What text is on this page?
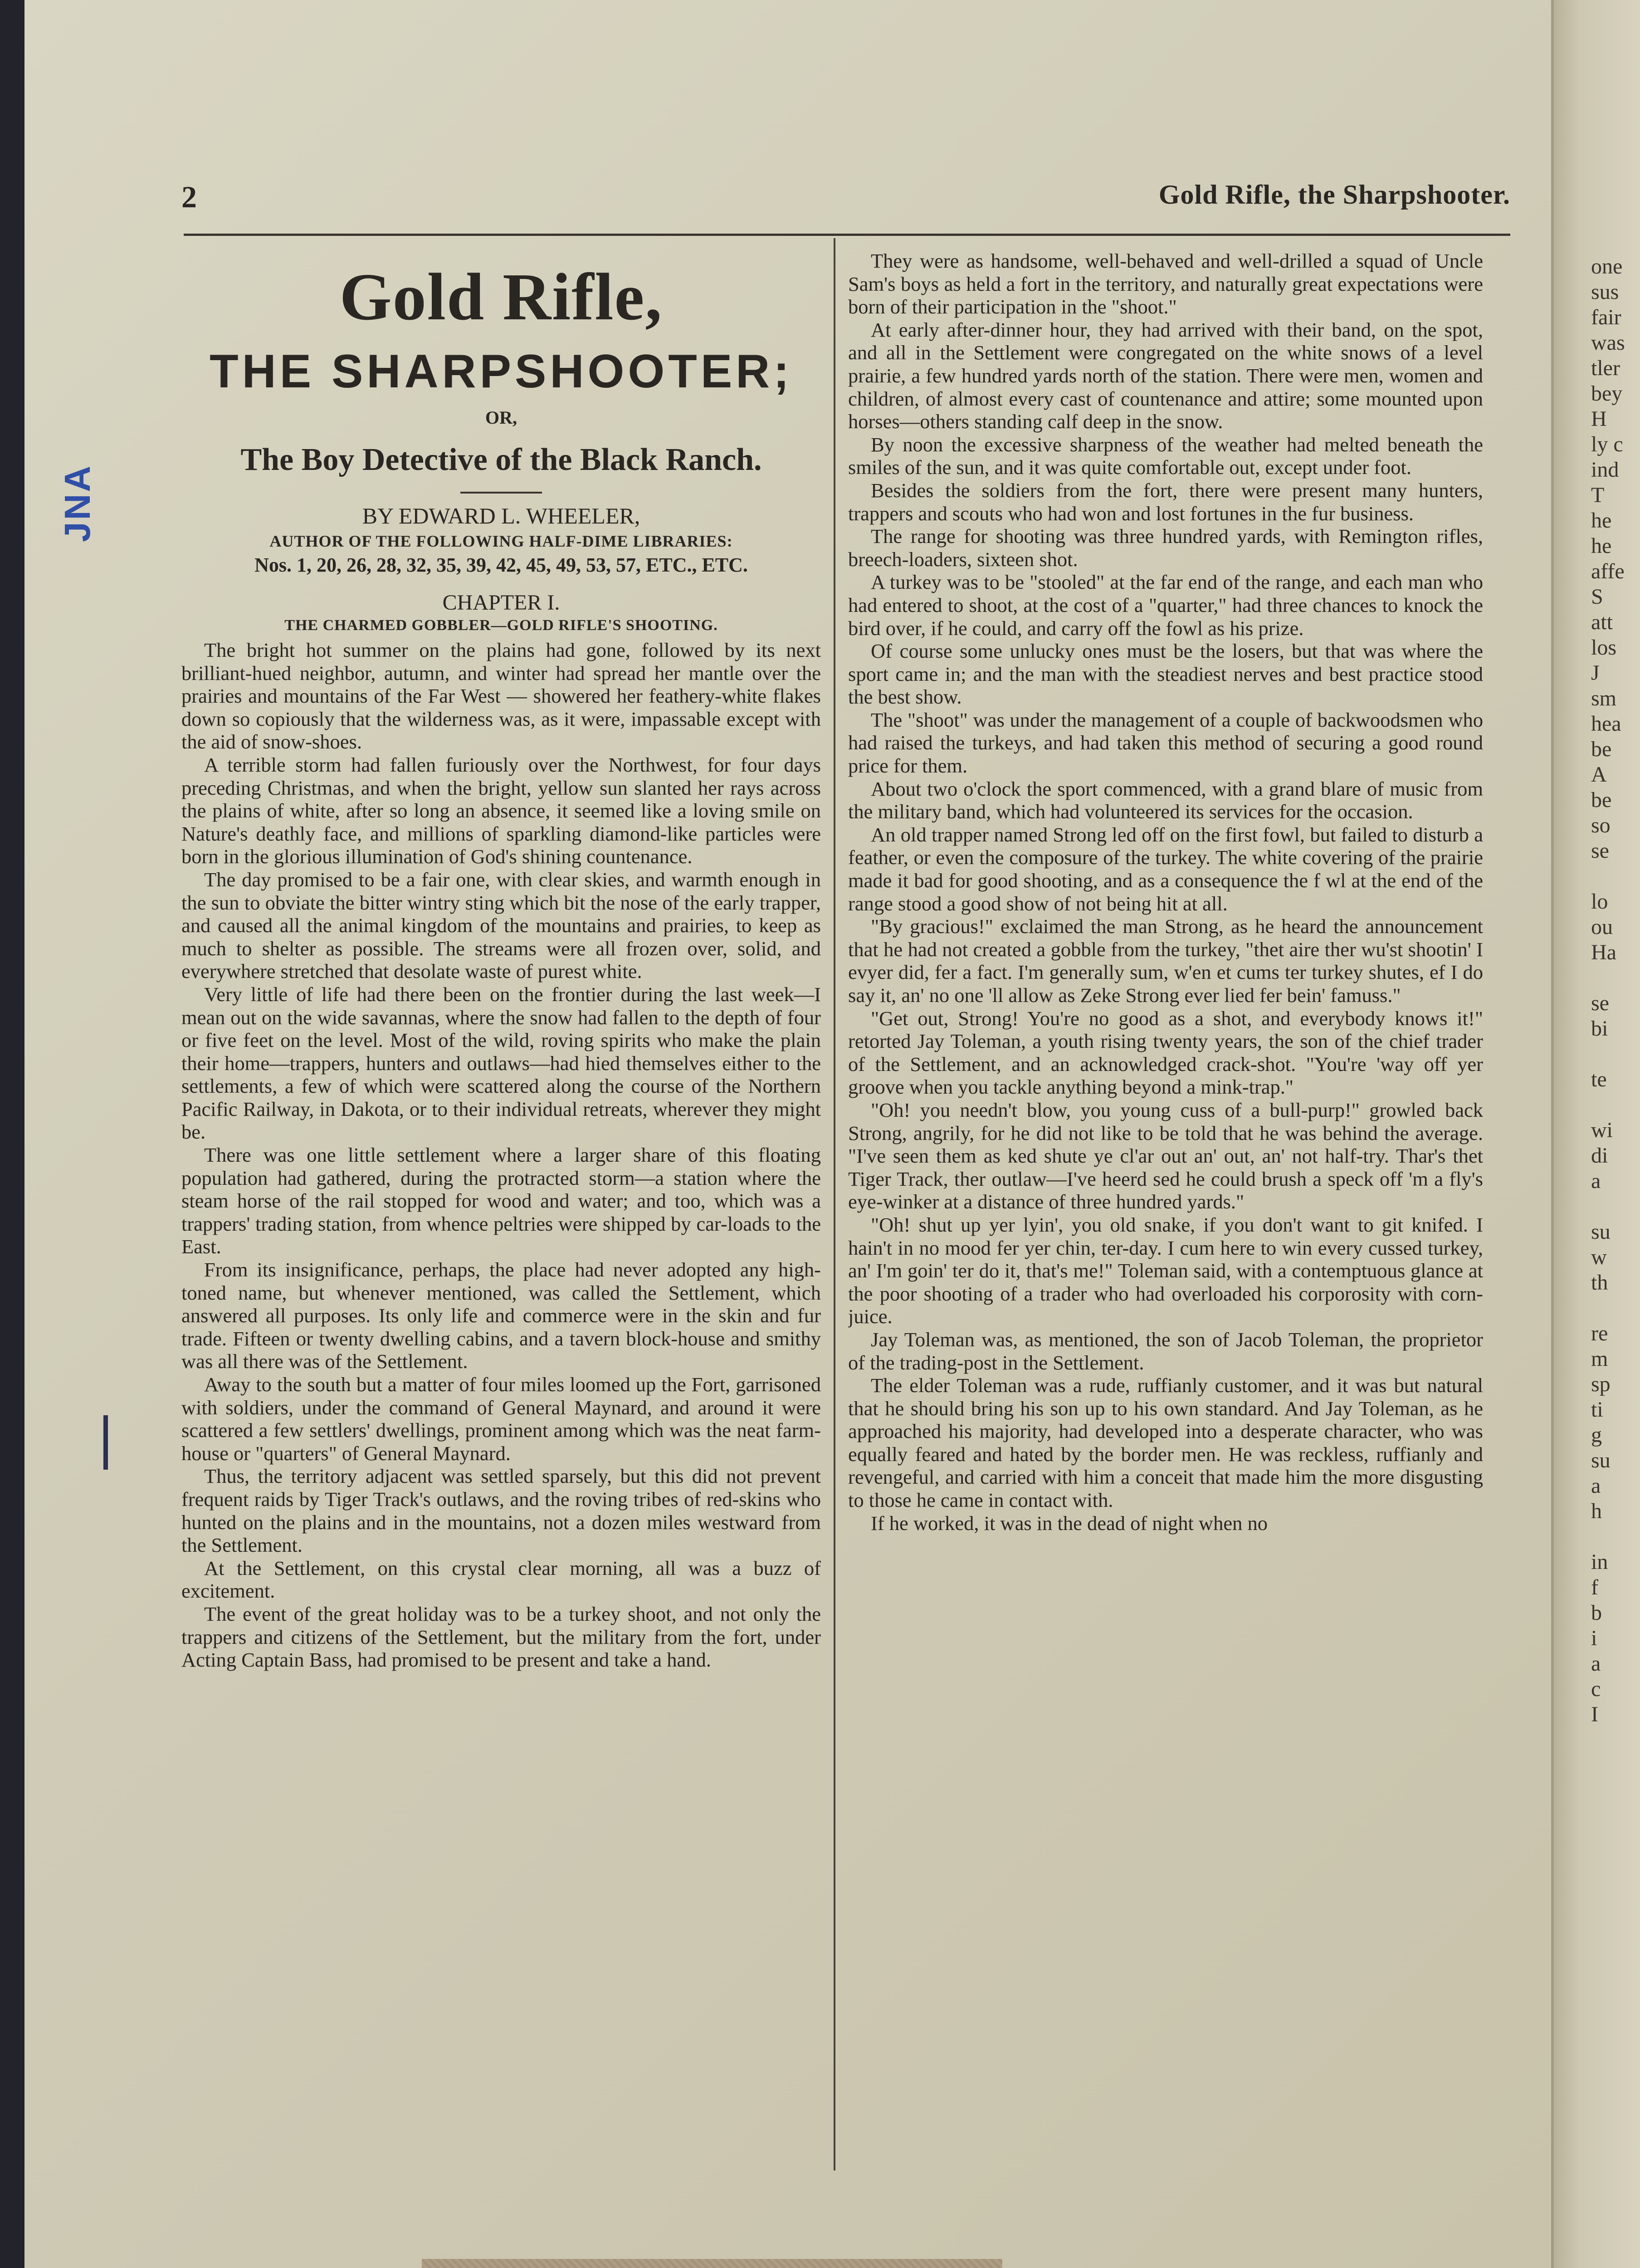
one
sus
fair
was
tler
bey
H
ly c
ind
T
he
he
affe
S
att
los
J
sm
hea
be
A
be
so
se

lo
ou
Ha

se
bi

te

wi
di
a

su
w
th

re
m
sp
ti
g
su
a
h

in
f
b
i
a
c
I
2	Gold Rifle, the Sharpshooter.
JNA
Gold Rifle,
THE SHARPSHOOTER;
OR,
The Boy Detective of the Black Ranch.
BY EDWARD L. WHEELER,
AUTHOR OF THE FOLLOWING HALF-DIME LIBRARIES:
Nos. 1, 20, 26, 28, 32, 35, 39, 42, 45, 49, 53, 57, ETC., ETC.
CHAPTER I.
THE CHARMED GOBBLER—GOLD RIFLE'S SHOOTING.

The bright hot summer on the plains had gone, followed by its next brilliant-hued neighbor, autumn, and winter had spread her mantle over the prairies and mountains of the Far West — showered her feathery-white flakes down so copiously that the wilderness was, as it were, impassable except with the aid of snow-shoes.

A terrible storm had fallen furiously over the Northwest, for four days preceding Christmas, and when the bright, yellow sun slanted her rays across the plains of white, after so long an absence, it seemed like a loving smile on Nature's deathly face, and millions of sparkling diamond-like particles were born in the glorious illumination of God's shining countenance.

The day promised to be a fair one, with clear skies, and warmth enough in the sun to obviate the bitter wintry sting which bit the nose of the early trapper, and caused all the animal kingdom of the mountains and prairies, to keep as much to shelter as possible. The streams were all frozen over, solid, and everywhere stretched that desolate waste of purest white.

Very little of life had there been on the frontier during the last week—I mean out on the wide savannas, where the snow had fallen to the depth of four or five feet on the level. Most of the wild, roving spirits who make the plain their home—trappers, hunters and outlaws—had hied themselves either to the settlements, a few of which were scattered along the course of the Northern Pacific Railway, in Dakota, or to their individual retreats, wherever they might be.

There was one little settlement where a larger share of this floating population had gathered, during the protracted storm—a station where the steam horse of the rail stopped for wood and water; and too, which was a trappers' trading station, from whence peltries were shipped by car-loads to the East.

From its insignificance, perhaps, the place had never adopted any high-toned name, but whenever mentioned, was called the Settlement, which answered all purposes. Its only life and commerce were in the skin and fur trade. Fifteen or twenty dwelling cabins, and a tavern block-house and smithy was all there was of the Settlement.

Away to the south but a matter of four miles loomed up the Fort, garrisoned with soldiers, under the command of General Maynard, and around it were scattered a few settlers' dwellings, prominent among which was the neat farm-house or "quarters" of General Maynard.

Thus, the territory adjacent was settled sparsely, but this did not prevent frequent raids by Tiger Track's outlaws, and the roving tribes of red-skins who hunted on the plains and in the mountains, not a dozen miles westward from the Settlement.

At the Settlement, on this crystal clear morning, all was a buzz of excitement.

The event of the great holiday was to be a turkey shoot, and not only the trappers and citizens of the Settlement, but the military from the fort, under Acting Captain Bass, had promised to be present and take a hand.

They were as handsome, well-behaved and well-drilled a squad of Uncle Sam's boys as held a fort in the territory, and naturally great expectations were born of their participation in the "shoot."

At early after-dinner hour, they had arrived with their band, on the spot, and all in the Settlement were congregated on the white snows of a level prairie, a few hundred yards north of the station. There were men, women and children, of almost every cast of countenance and attire; some mounted upon horses—others standing calf deep in the snow.

By noon the excessive sharpness of the weather had melted beneath the smiles of the sun, and it was quite comfortable out, except under foot.

Besides the soldiers from the fort, there were present many hunters, trappers and scouts who had won and lost fortunes in the fur business.

The range for shooting was three hundred yards, with Remington rifles, breech-loaders, sixteen shot.

A turkey was to be "stooled" at the far end of the range, and each man who had entered to shoot, at the cost of a "quarter," had three chances to knock the bird over, if he could, and carry off the fowl as his prize.

Of course some unlucky ones must be the losers, but that was where the sport came in; and the man with the steadiest nerves and best practice stood the best show.

The "shoot" was under the management of a couple of backwoodsmen who had raised the turkeys, and had taken this method of securing a good round price for them.

About two o'clock the sport commenced, with a grand blare of music from the military band, which had volunteered its services for the occasion.

An old trapper named Strong led off on the first fowl, but failed to disturb a feather, or even the composure of the turkey. The white covering of the prairie made it bad for good shooting, and as a consequence the f wl at the end of the range stood a good show of not being hit at all.

"By gracious!" exclaimed the man Strong, as he heard the announcement that he had not created a gobble from the turkey, "thet aire ther wu'st shootin' I evyer did, fer a fact. I'm generally sum, w'en et cums ter turkey shutes, ef I do say it, an' no one 'll allow as Zeke Strong ever lied fer bein' famuss."

"Get out, Strong! You're no good as a shot, and everybody knows it!" retorted Jay Toleman, a youth rising twenty years, the son of the chief trader of the Settlement, and an acknowledged crack-shot. "You're 'way off yer groove when you tackle anything beyond a mink-trap."

"Oh! you needn't blow, you young cuss of a bull-purp!" growled back Strong, angrily, for he did not like to be told that he was behind the average. "I've seen them as ked shute ye cl'ar out an' out, an' not half-try. Thar's thet Tiger Track, ther outlaw—I've heerd sed he could brush a speck off 'm a fly's eye-winker at a distance of three hundred yards."

"Oh! shut up yer lyin', you old snake, if you don't want to git knifed. I hain't in no mood fer yer chin, ter-day. I cum here to win every cussed turkey, an' I'm goin' ter do it, that's me!" Toleman said, with a contemptuous glance at the poor shooting of a trader who had overloaded his corporosity with corn-juice.

Jay Toleman was, as mentioned, the son of Jacob Toleman, the proprietor of the trading-post in the Settlement.

The elder Toleman was a rude, ruffianly customer, and it was but natural that he should bring his son up to his own standard. And Jay Toleman, as he approached his majority, had developed into a desperate character, who was equally feared and hated by the border men. He was reckless, ruffianly and revengeful, and carried with him a conceit that made him the more disgusting to those he came in contact with.

If he worked, it was in the dead of night when no
